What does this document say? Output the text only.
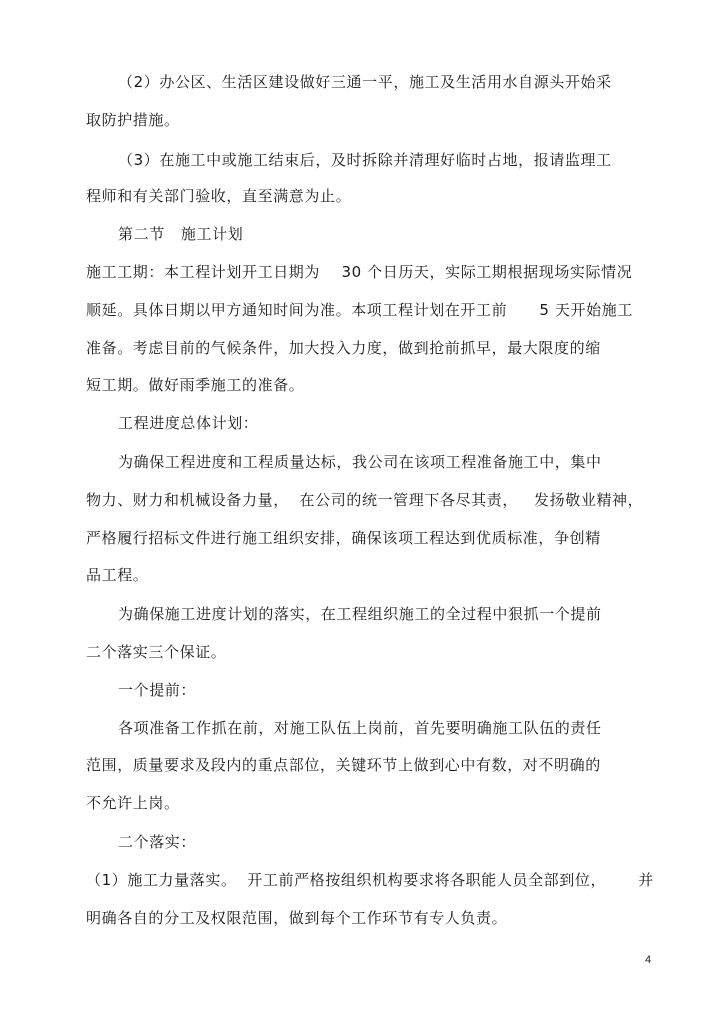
（2）办公区、生活区建设做好三通一平，施工及生活用水自源头开始采
取防护措施。
（3）在施工中或施工结束后，及时拆除并清理好临时占地，报请监理工
程师和有关部门验收，直至满意为止。
第二节   施工计划
施工工期：本工程计划开工日期为    30 个日历天，实际工期根据现场实际情况
顺延。具体日期以甲方通知时间为准。本项工程计划在开工前      5 天开始施工
准备。考虑目前的气候条件，加大投入力度，做到抢前抓早，最大限度的缩
短工期。做好雨季施工的准备。
工程进度总体计划：
为确保工程进度和工程质量达标，我公司在该项工程准备施工中，集中
物力、财力和机械设备力量，  在公司的统一管理下各尽其责，   发扬敬业精神，
严格履行招标文件进行施工组织安排，确保该项工程达到优质标准，争创精
品工程。
为确保施工进度计划的落实，在工程组织施工的全过程中狠抓一个提前
二个落实三个保证。
一个提前：
各项准备工作抓在前，对施工队伍上岗前，首先要明确施工队伍的责任
范围，质量要求及段内的重点部位，关键环节上做到心中有数，对不明确的
不允许上岗。
二个落实：
（1）施工力量落实。  开工前严格按组织机构要求将各职能人员全部到位，      并
明确各自的分工及权限范围，做到每个工作环节有专人负责。
4
